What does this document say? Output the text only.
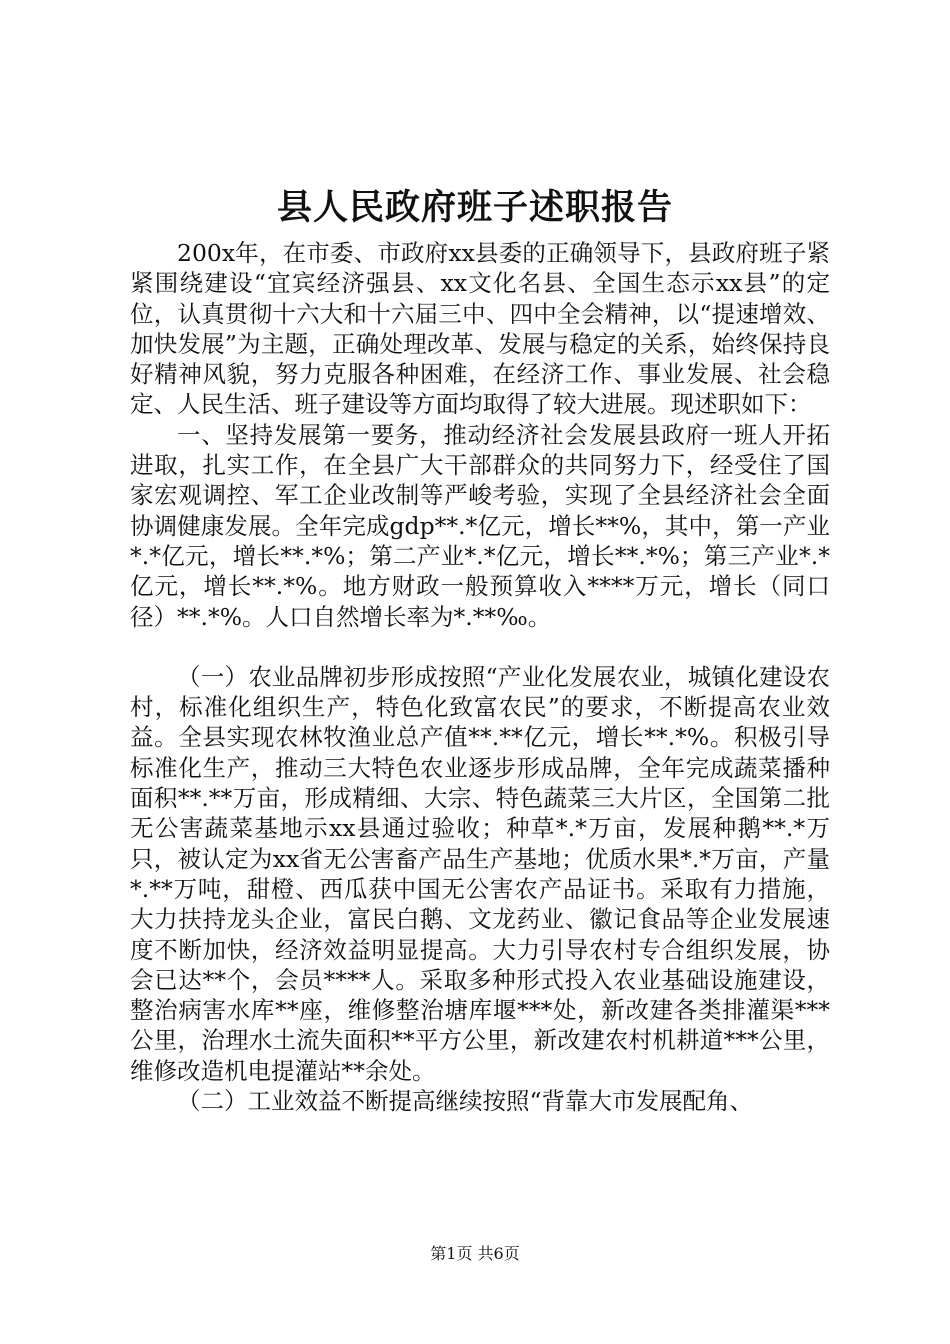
县人民政府班子述职报告

200x年，在市委、市政府xx县委的正确领导下，县政府班子紧紧围绕建设“宜宾经济强县、xx文化名县、全国生态示xx县”的定位，认真贯彻十六大和十六届三中、四中全会精神，以“提速增效、加快发展”为主题，正确处理改革、发展与稳定的关系，始终保持良好精神风貌，努力克服各种困难，在经济工作、事业发展、社会稳定、人民生活、班子建设等方面均取得了较大进展。现述职如下：

一、坚持发展第一要务，推动经济社会发展县政府一班人开拓进取，扎实工作，在全县广大干部群众的共同努力下，经受住了国家宏观调控、军工企业改制等严峻考验，实现了全县经济社会全面协调健康发展。全年完成gdp**.*亿元，增长**%，其中，第一产业*.*亿元，增长**.*%；第二产业*.*亿元，增长**.*%；第三产业*.*亿元，增长**.*%。地方财政一般预算收入****万元，增长（同口径）**.*%。人口自然增长率为*.**‰。

（一）农业品牌初步形成按照“产业化发展农业，城镇化建设农村，标准化组织生产，特色化致富农民”的要求，不断提高农业效益。全县实现农林牧渔业总产值**.**亿元，增长**.*%。积极引导标准化生产，推动三大特色农业逐步形成品牌，全年完成蔬菜播种面积**.**万亩，形成精细、大宗、特色蔬菜三大片区，全国第二批无公害蔬菜基地示xx县通过验收；种草*.*万亩，发展种鹅**.*万只，被认定为xx省无公害畜产品生产基地；优质水果*.*万亩，产量*.**万吨，甜橙、西瓜获中国无公害农产品证书。采取有力措施，大力扶持龙头企业，富民白鹅、文龙药业、徽记食品等企业发展速度不断加快，经济效益明显提高。大力引导农村专合组织发展，协会已达**个，会员****人。采取多种形式投入农业基础设施建设，整治病害水库**座，维修整治塘库堰***处，新改建各类排灌渠***公里，治理水土流失面积**平方公里，新改建农村机耕道***公里，维修改造机电提灌站**余处。

（二）工业效益不断提高继续按照“背靠大市发展配角、

第1页 共6页
